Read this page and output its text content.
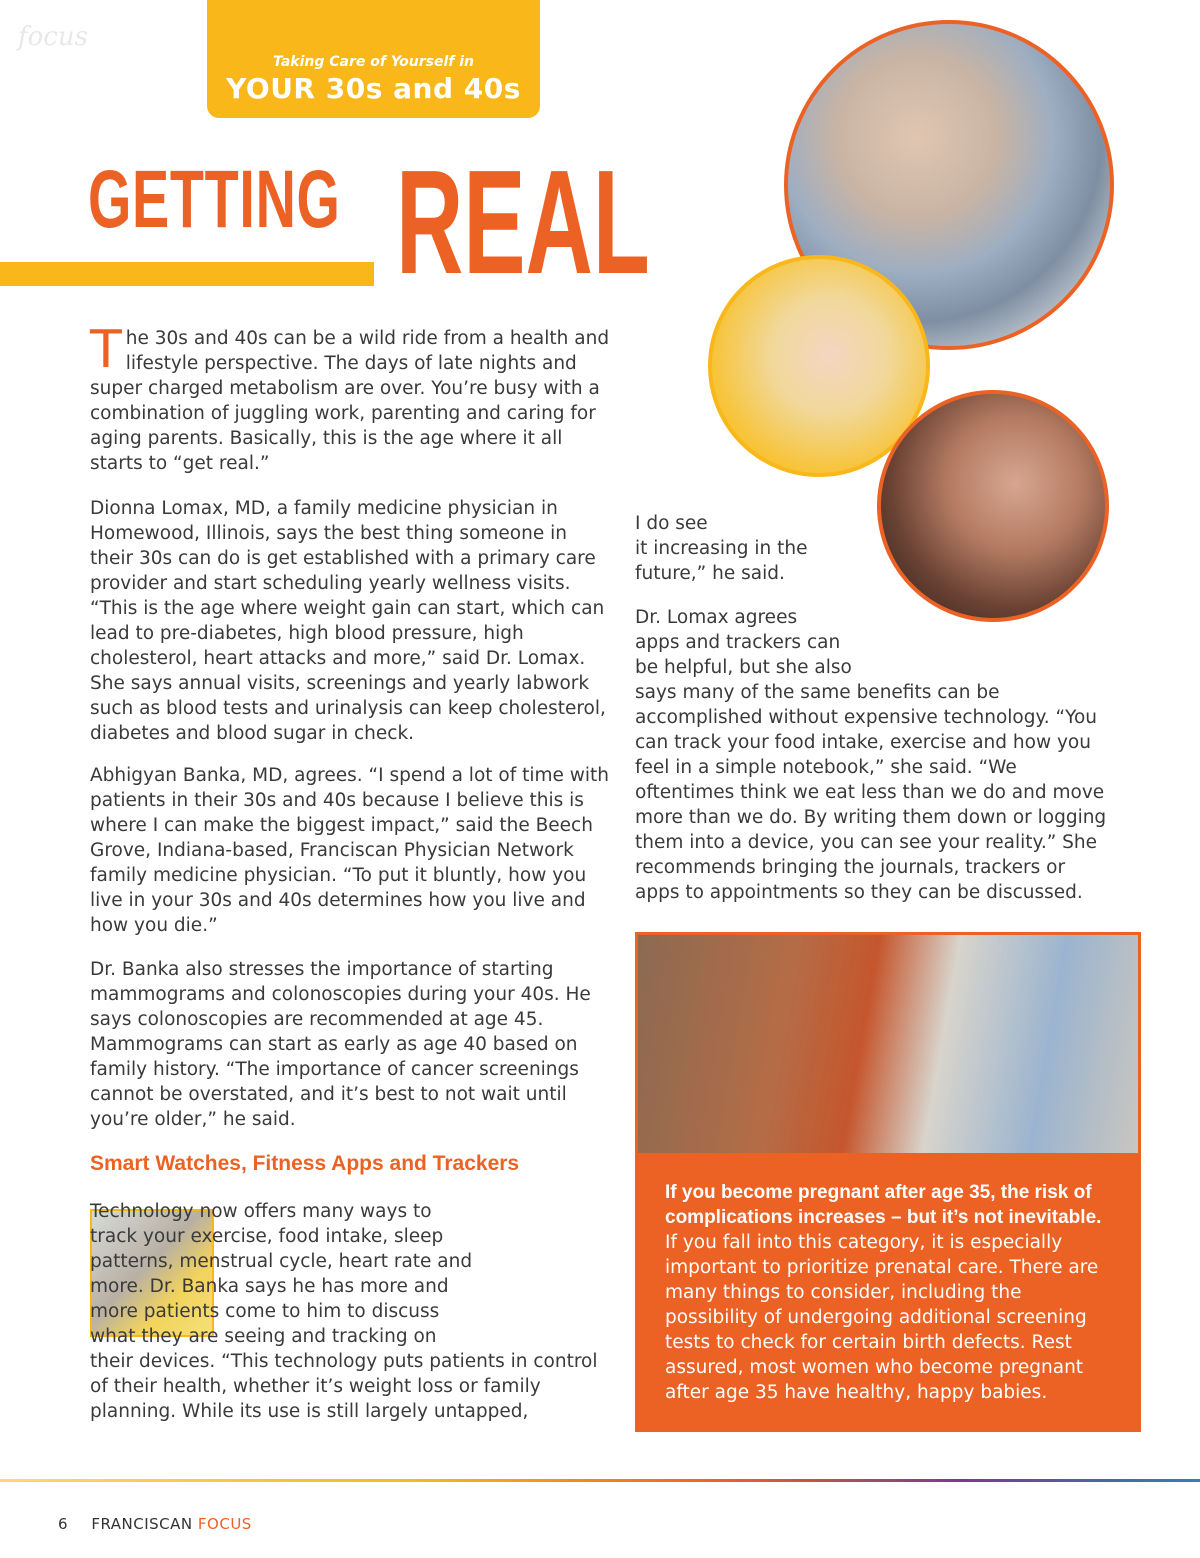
focus
Taking Care of Yourself in
YOUR 30s and 40s
GETTING REAL

The 30s and 40s can be a wild ride from a health and lifestyle perspective. The days of late nights and super charged metabolism are over. You’re busy with a combination of juggling work, parenting and caring for aging parents. Basically, this is the age where it all starts to “get real.”

Dionna Lomax, MD, a family medicine physician in Homewood, Illinois, says the best thing someone in their 30s can do is get established with a primary care provider and start scheduling yearly wellness visits. “This is the age where weight gain can start, which can lead to pre-diabetes, high blood pressure, high cholesterol, heart attacks and more,” said Dr. Lomax. She says annual visits, screenings and yearly labwork such as blood tests and urinalysis can keep cholesterol, diabetes and blood sugar in check.

Abhigyan Banka, MD, agrees. “I spend a lot of time with patients in their 30s and 40s because I believe this is where I can make the biggest impact,” said the Beech Grove, Indiana-based, Franciscan Physician Network family medicine physician. “To put it bluntly, how you live in your 30s and 40s determines how you live and how you die.”

Dr. Banka also stresses the importance of starting mammograms and colonoscopies during your 40s. He says colonoscopies are recommended at age 45. Mammograms can start as early as age 40 based on family history. “The importance of cancer screenings cannot be overstated, and it’s best to not wait until you’re older,” he said.

Smart Watches, Fitness Apps and Trackers

Technology now offers many ways to

track your exercise, food intake, sleep

patterns, menstrual cycle, heart rate and

more. Dr. Banka says he has more and

more patients come to him to discuss

what they are seeing and tracking on

their devices. “This technology puts patients in control of their health, whether it’s weight loss or family planning. While its use is still largely untapped,

I do see

it increasing in the

future,” he said.

Dr. Lomax agrees

apps and trackers can

be helpful, but she also

says many of the same benefits can be accomplished without expensive technology. “You can track your food intake, exercise and how you feel in a simple notebook,” she said. “We oftentimes think we eat less than we do and move more than we do. By writing them down or logging them into a device, you can see your reality.” She recommends bringing the journals, trackers or apps to appointments so they can be discussed.

If you become pregnant after age 35, the risk of complications increases – but it’s not inevitable. If you fall into this category, it is especially important to prioritize prenatal care. There are many things to consider, including the possibility of undergoing additional screening tests to check for certain birth defects. Rest assured, most women who become pregnant after age 35 have healthy, happy babies.
6 FRANCISCAN FOCUS
